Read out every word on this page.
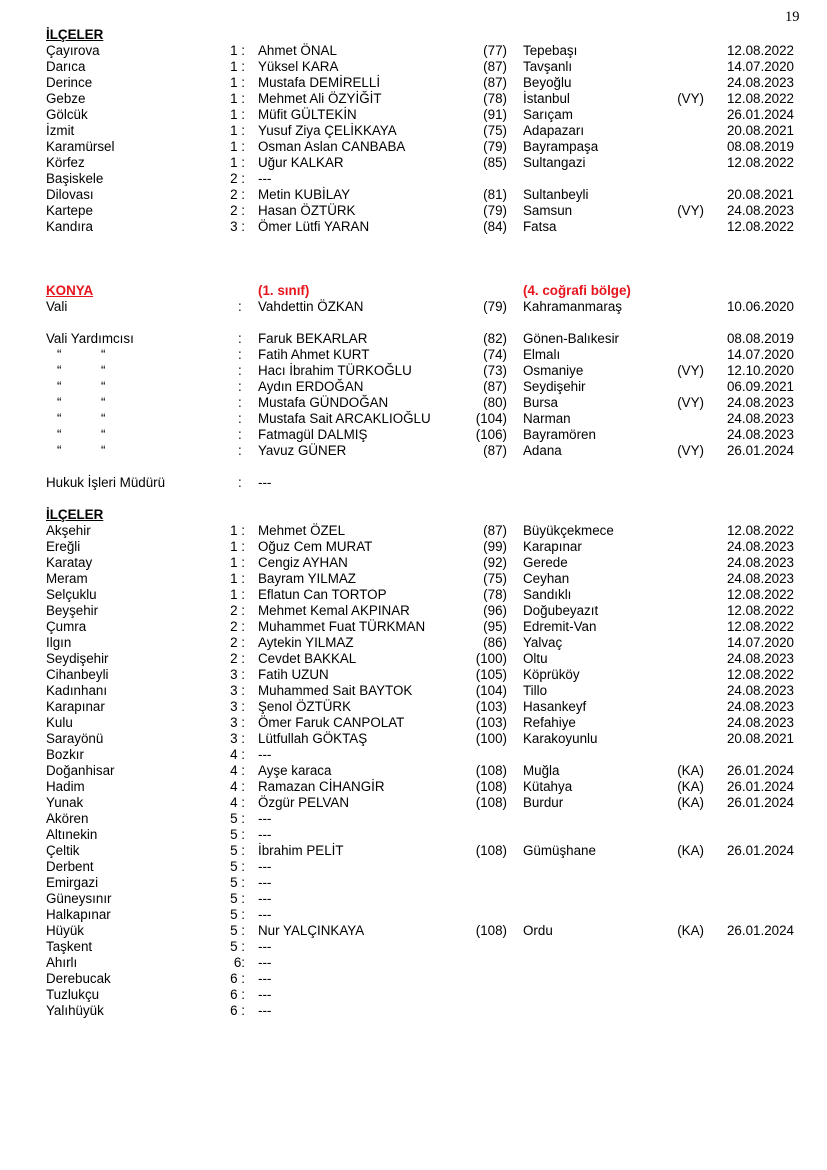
19
İLÇELER
Çayırova	1 : Ahmet ÖNAL	(77) Tepebaşı	12.08.2022
Darıca	1 : Yüksel KARA	(87) Tavşanlı	14.07.2020
Derince	1 : Mustafa DEMİRELLİ	(87) Beyoğlu	24.08.2023
Gebze	1 : Mehmet Ali ÖZYİĞİT	(78) İstanbul	(VY)	12.08.2022
Gölcük	1 : Müfit GÜLTEKİN	(91) Sarıçam	26.01.2024
İzmit	1 : Yusuf Ziya ÇELİKKAYA	(75) Adapazarı	20.08.2021
Karamürsel	1 : Osman Aslan CANBABA	(79) Bayrampaşa	08.08.2019
Körfez	1 : Uğur KALKAR	(85) Sultangazi	12.08.2022
Başiskele	2 : ---
Dilovası	2 : Metin KUBİLAY	(81) Sultanbeyli	20.08.2021
Kartepe	2 : Hasan ÖZTÜRK	(79) Samsun	(VY)	24.08.2023
Kandıra	3 : Ömer Lütfi YARAN	(84) Fatsa	12.08.2022
KONYA	(1. sınıf)	(4. coğrafi bölge)
Vali	: Vahdettin ÖZKAN	(79) Kahramanmaraş	10.06.2020
Vali Yardımcısı	: Faruk BEKARLAR	(82) Gönen-Balıkesir	08.08.2019
“	“	: Fatih Ahmet KURT	(74) Elmalı	14.07.2020
“	“	: Hacı İbrahim TÜRKOĞLU	(73) Osmaniye	(VY)	12.10.2020
“	“	: Aydın ERDOĞAN	(87) Seydişehir	06.09.2021
“	“	: Mustafa GÜNDOĞAN	(80) Bursa	(VY)	24.08.2023
“	“	: Mustafa Sait ARCAKLIOĞLU	(104) Narman	24.08.2023
“	“	: Fatmagül DALMIŞ	(106) Bayramören	24.08.2023
“	“	: Yavuz GÜNER	(87) Adana	(VY)	26.01.2024
Hukuk İşleri Müdürü	: ---
İLÇELER
Akşehir	1 : Mehmet ÖZEL	(87) Büyükçekmece	12.08.2022
Ereğli	1 : Oğuz Cem MURAT	(99) Karapınar	24.08.2023
Karatay	1 : Cengiz AYHAN	(92) Gerede	24.08.2023
Meram	1 : Bayram YILMAZ	(75) Ceyhan	24.08.2023
Selçuklu	1 : Eflatun Can TORTOP	(78) Sandıklı	12.08.2022
Beyşehir	2 : Mehmet Kemal AKPINAR	(96) Doğubeyazıt	12.08.2022
Çumra	2 : Muhammet Fuat TÜRKMAN	(95) Edremit-Van	12.08.2022
Ilgın	2 : Aytekin YILMAZ	(86) Yalvaç	14.07.2020
Seydişehir	2 : Cevdet BAKKAL	(100) Oltu	24.08.2023
Cihanbeyli	3 : Fatih UZUN	(105) Köprüköy	12.08.2022
Kadınhanı	3 : Muhammed Sait BAYTOK	(104) Tillo	24.08.2023
Karapınar	3 : Şenol ÖZTÜRK	(103) Hasankeyf	24.08.2023
Kulu	3 : Ömer Faruk CANPOLAT	(103) Refahiye	24.08.2023
Sarayönü	3 : Lütfullah GÖKTAŞ	(100) Karakoyunlu	20.08.2021
Bozkır	4 : ---
Doğanhisar	4 : Ayşe karaca	(108) Muğla	(KA)	26.01.2024
Hadim	4 : Ramazan CİHANGİR	(108) Kütahya	(KA)	26.01.2024
Yunak	4 : Özgür PELVAN	(108) Burdur	(KA)	26.01.2024
Akören	5 : ---
Altınekin	5 : ---
Çeltik	5 : İbrahim PELİT	(108) Gümüşhane	(KA)	26.01.2024
Derbent	5 : ---
Emirgazi	5 : ---
Güneysınır	5 : ---
Halkapınar	5 : ---
Hüyük	5 : Nur YALÇINKAYA	(108) Ordu	(KA)	26.01.2024
Taşkent	5 : ---
Ahırlı	6: ---
Derebucak	6 : ---
Tuzlukçu	6 : ---
Yalıhüyük	6 : ---
